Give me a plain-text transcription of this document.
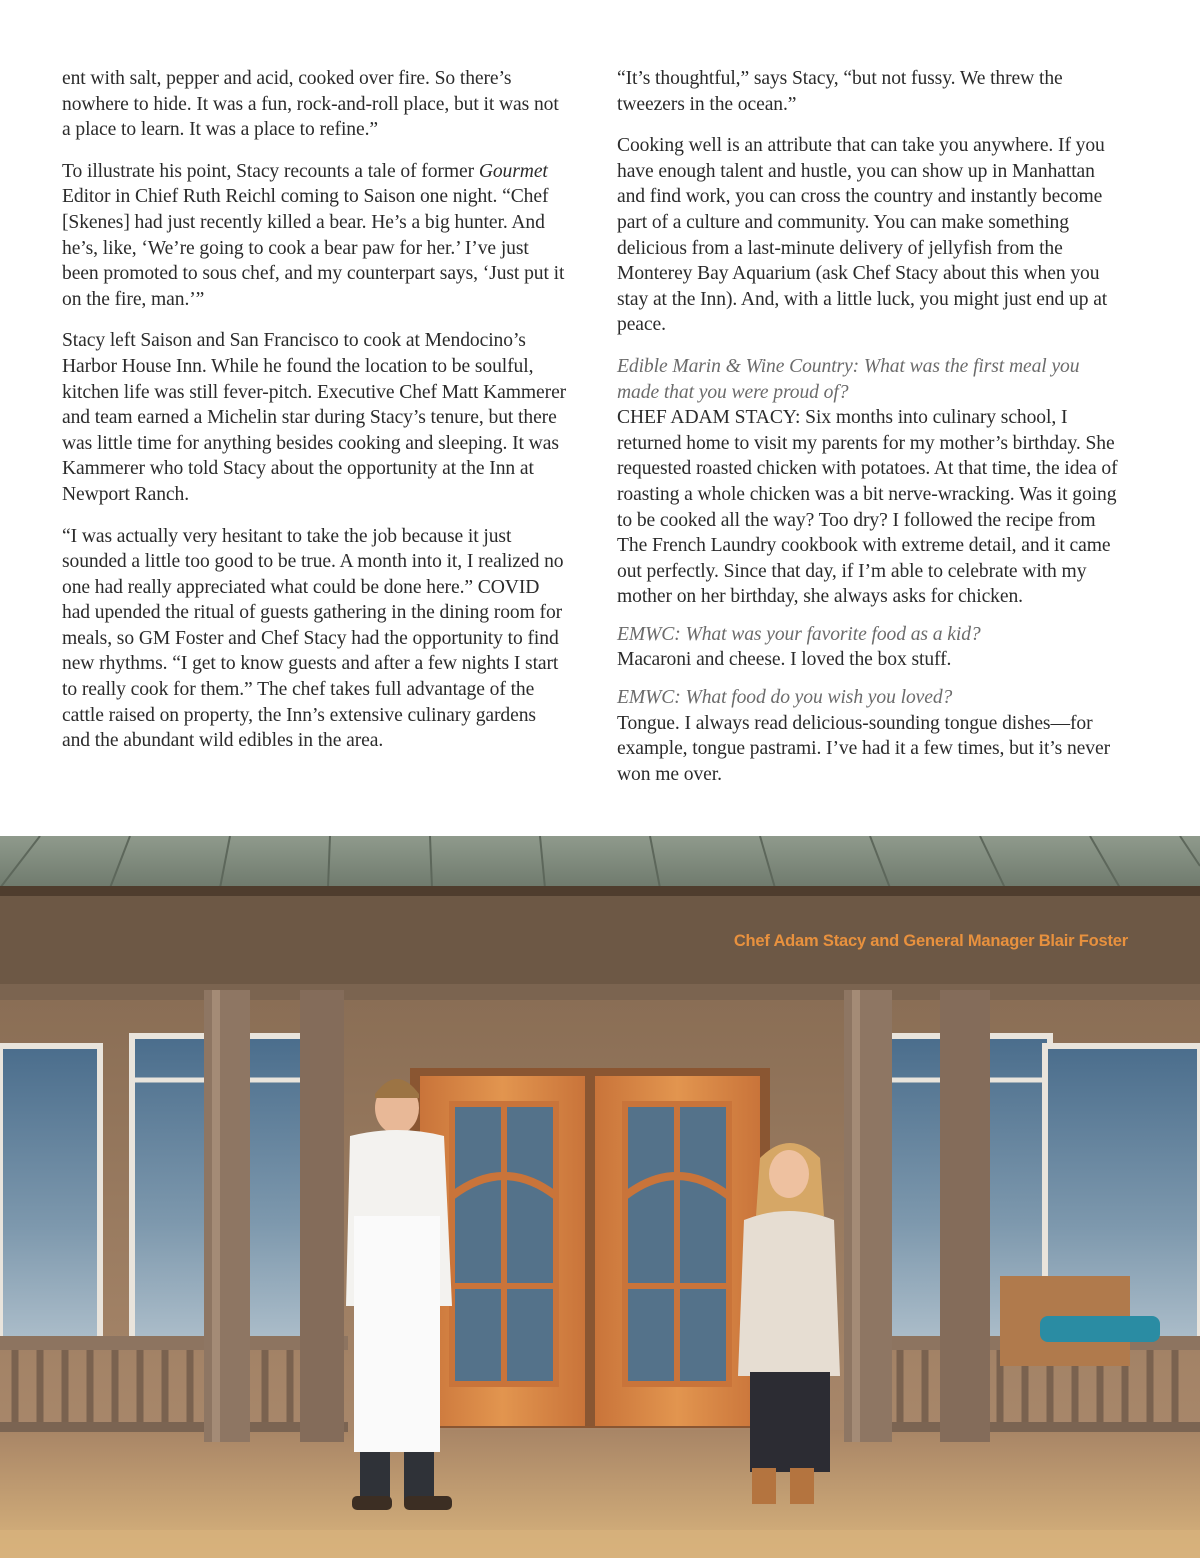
ent with salt, pepper and acid, cooked over fire. So there’s nowhere to hide. It was a fun, rock-and-roll place, but it was not a place to learn. It was a place to refine.”

To illustrate his point, Stacy recounts a tale of former Gourmet Editor in Chief Ruth Reichl coming to Saison one night. “Chef [Skenes] had just recently killed a bear. He’s a big hunter. And he’s, like, ‘We’re going to cook a bear paw for her.’ I’ve just been promoted to sous chef, and my counterpart says, ‘Just put it on the fire, man.’”

Stacy left Saison and San Francisco to cook at Mendocino’s Harbor House Inn. While he found the location to be soulful, kitchen life was still fever-pitch. Executive Chef Matt Kammerer and team earned a Michelin star during Stacy’s tenure, but there was little time for anything besides cooking and sleeping. It was Kammerer who told Stacy about the opportunity at the Inn at Newport Ranch.

“I was actually very hesitant to take the job because it just sounded a little too good to be true. A month into it, I realized no one had really appreciated what could be done here.” COVID had upended the ritual of guests gathering in the dining room for meals, so GM Foster and Chef Stacy had the opportunity to find new rhythms. “I get to know guests and after a few nights I start to really cook for them.” The chef takes full advantage of the cattle raised on property, the Inn’s extensive culinary gardens and the abundant wild edibles in the area.

“It’s thoughtful,” says Stacy, “but not fussy. We threw the tweezers in the ocean.”

Cooking well is an attribute that can take you anywhere. If you have enough talent and hustle, you can show up in Manhattan and find work, you can cross the country and instantly become part of a culture and community. You can make something delicious from a last-minute delivery of jellyfish from the Monterey Bay Aquarium (ask Chef Stacy about this when you stay at the Inn). And, with a little luck, you might just end up at peace.

Edible Marin & Wine Country: What was the first meal you made that you were proud of?
CHEF ADAM STACY: Six months into culinary school, I returned home to visit my parents for my mother’s birthday. She requested roasted chicken with potatoes. At that time, the idea of roasting a whole chicken was a bit nerve-wracking. Was it going to be cooked all the way? Too dry? I followed the recipe from The French Laundry cookbook with extreme detail, and it came out perfectly. Since that day, if I’m able to celebrate with my mother on her birthday, she always asks for chicken.

EMWC: What was your favorite food as a kid?
Macaroni and cheese. I loved the box stuff.

EMWC: What food do you wish you loved?
Tongue. I always read delicious-sounding tongue dishes—for example, tongue pastrami. I’ve had it a few times, but it’s never won me over.

Chef Adam Stacy and General Manager Blair Foster
